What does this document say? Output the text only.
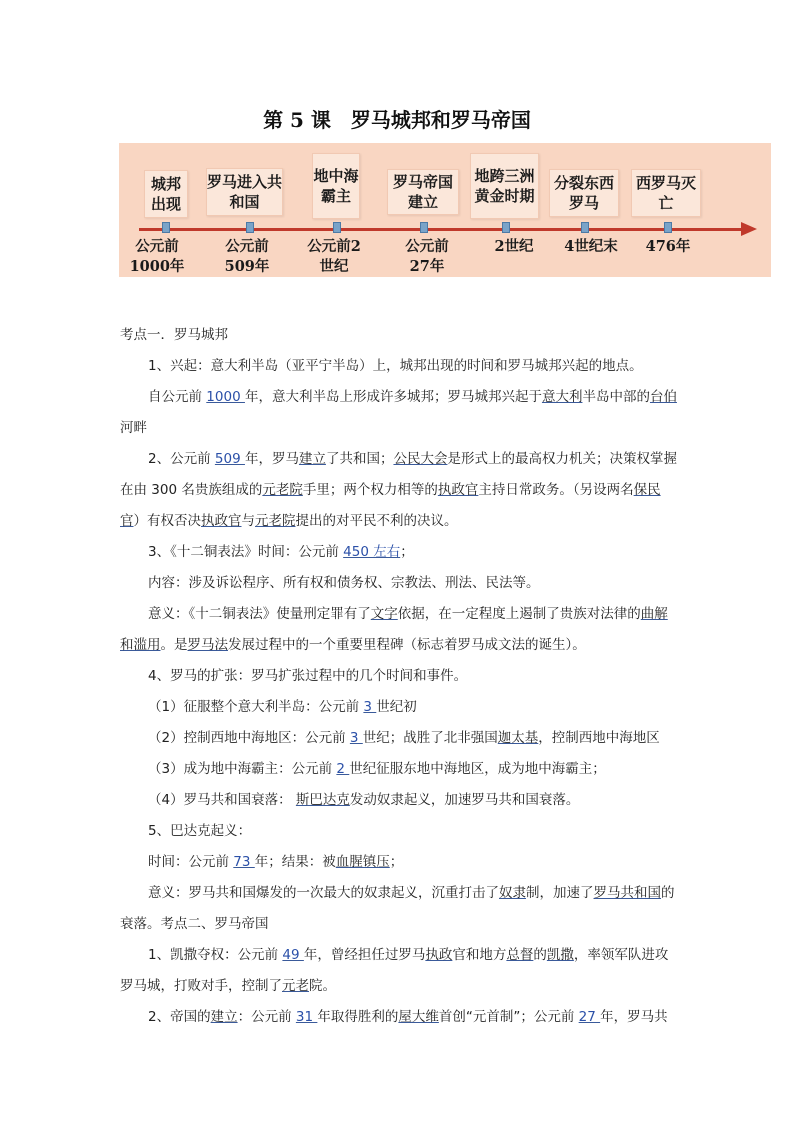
第 5 课　罗马城邦和罗马帝国
城邦出现
罗马进入共和国
地中海霸主
罗马帝国建立
地跨三洲黄金时期
分裂东西罗马
西罗马灭亡
公元前1000年
公元前509年
公元前2世纪
公元前27年
2世纪	4世纪末	476年

考点一．罗马城邦

1、兴起：意大利半岛（亚平宁半岛）上，城邦出现的时间和罗马城邦兴起的地点。

自公元前 1000 年，意大利半岛上形成许多城邦；罗马城邦兴起于意大利半岛中部的台伯河畔

2、公元前 509 年，罗马建立了共和国；公民大会是形式上的最高权力机关；决策权掌握在由 300 名贵族组成的元老院手里；两个权力相等的执政官主持日常政务。（另设两名保民官）有权否决执政官与元老院提出的对平民不利的决议。

3、《十二铜表法》时间：公元前 450 左右；

内容：涉及诉讼程序、所有权和债务权、宗教法、刑法、民法等。

意义：《十二铜表法》使量刑定罪有了文字依据，在一定程度上遏制了贵族对法律的曲解和滥用。是罗马法发展过程中的一个重要里程碑（标志着罗马成文法的诞生）。

4、罗马的扩张：罗马扩张过程中的几个时间和事件。

（1）征服整个意大利半岛：公元前 3 世纪初

（2）控制西地中海地区：公元前 3 世纪；战胜了北非强国迦太基，控制西地中海地区

（3）成为地中海霸主：公元前 2 世纪征服东地中海地区，成为地中海霸主；

（4）罗马共和国衰落： 斯巴达克发动奴隶起义，加速罗马共和国衰落。

5、巴达克起义：

时间：公元前 73 年；结果：被血腥镇压；

意义：罗马共和国爆发的一次最大的奴隶起义，沉重打击了奴隶制，加速了罗马共和国的衰落。考点二、罗马帝国

1、凯撒夺权：公元前 49 年，曾经担任过罗马执政官和地方总督的凯撒，率领军队进攻罗马城，打败对手，控制了元老院。

2、帝国的建立：公元前 31 年取得胜利的屋大维首创“元首制”；公元前 27 年，罗马共
